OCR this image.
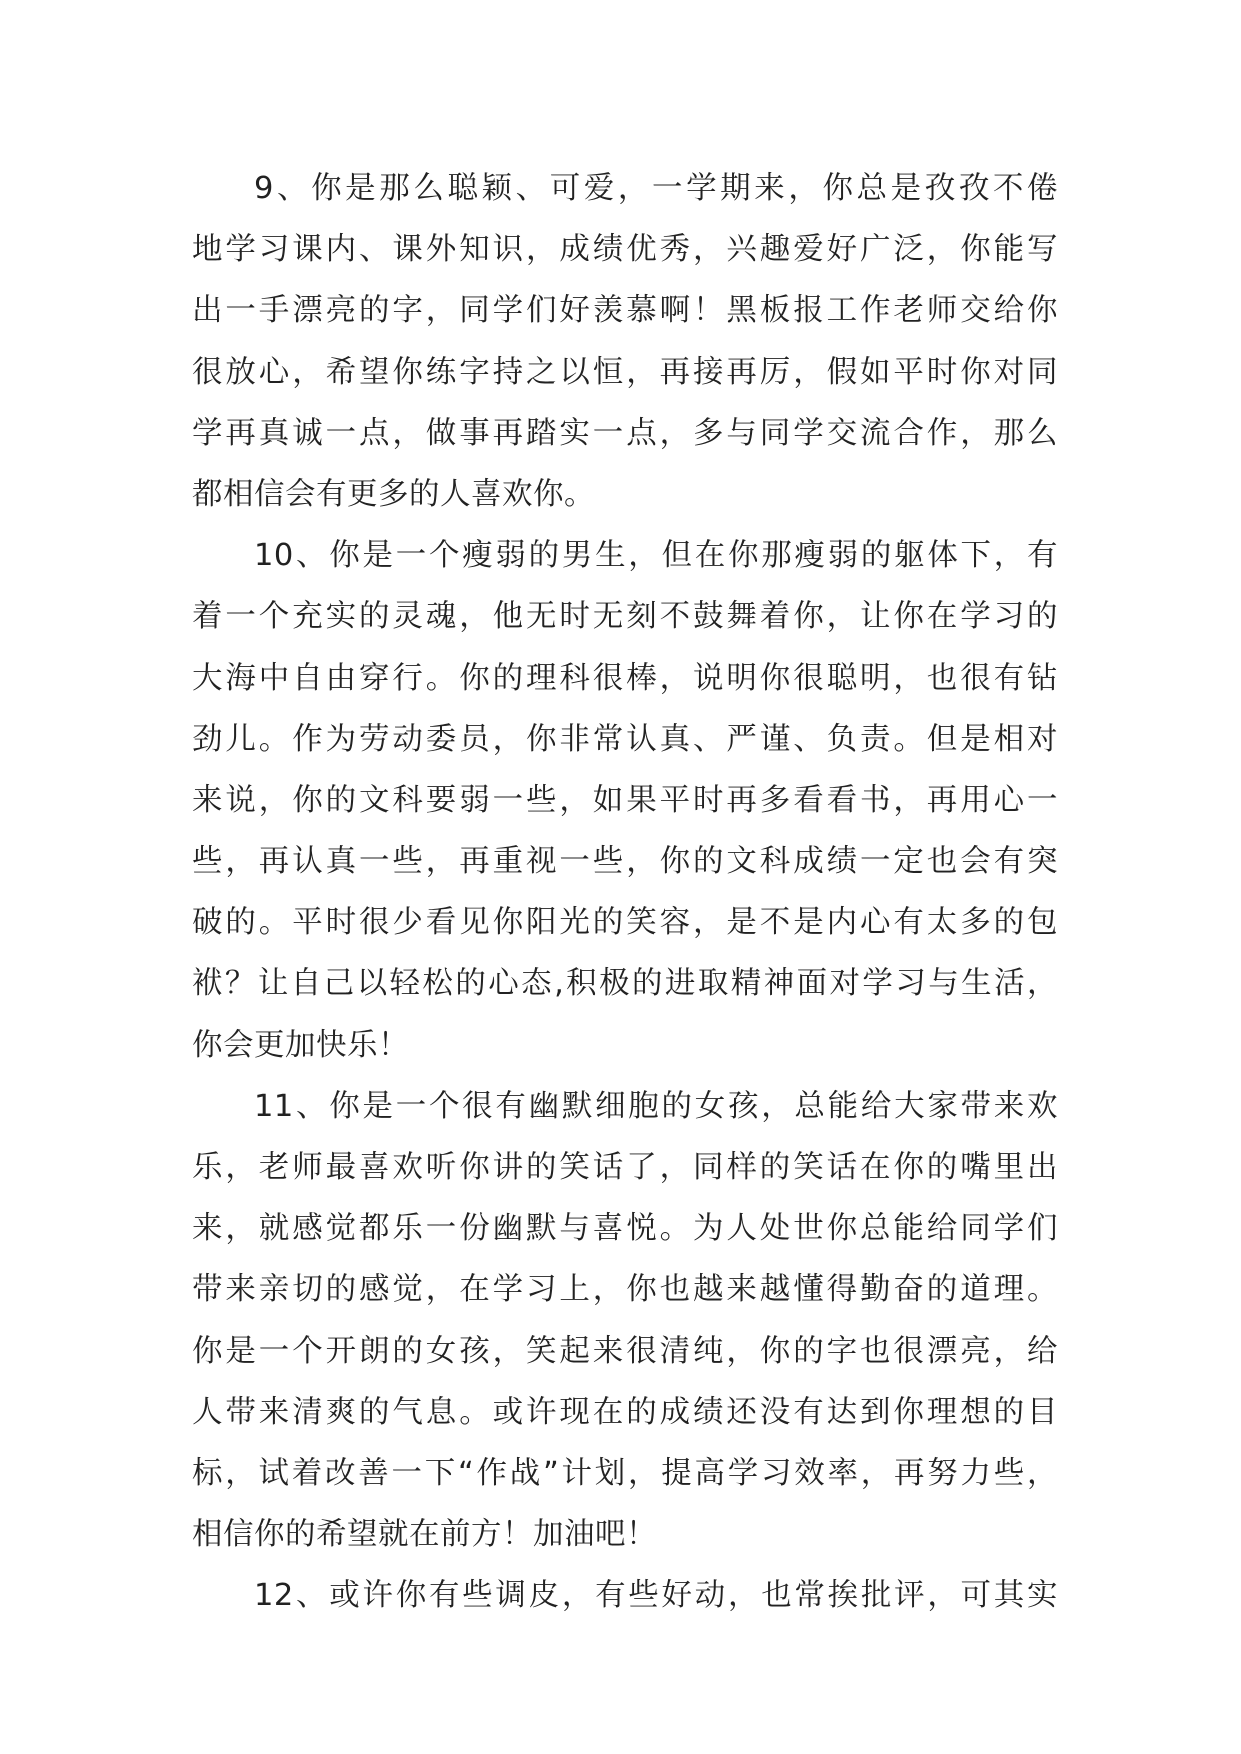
9、你是那么聪颖、可爱，一学期来，你总是孜孜不倦
地学习课内、课外知识，成绩优秀，兴趣爱好广泛，你能写
出一手漂亮的字，同学们好羡慕啊！黑板报工作老师交给你
很放心，希望你练字持之以恒，再接再厉，假如平时你对同
学再真诚一点，做事再踏实一点，多与同学交流合作，那么
都相信会有更多的人喜欢你。
10、你是一个瘦弱的男生，但在你那瘦弱的躯体下，有
着一个充实的灵魂，他无时无刻不鼓舞着你，让你在学习的
大海中自由穿行。你的理科很棒，说明你很聪明，也很有钻
劲儿。作为劳动委员，你非常认真、严谨、负责。但是相对
来说，你的文科要弱一些，如果平时再多看看书，再用心一
些，再认真一些，再重视一些，你的文科成绩一定也会有突
破的。平时很少看见你阳光的笑容，是不是内心有太多的包
袱？让自己以轻松的心态,积极的进取精神面对学习与生活，
你会更加快乐！
11、你是一个很有幽默细胞的女孩，总能给大家带来欢
乐，老师最喜欢听你讲的笑话了，同样的笑话在你的嘴里出
来，就感觉都乐一份幽默与喜悦。为人处世你总能给同学们
带来亲切的感觉，在学习上，你也越来越懂得勤奋的道理。
你是一个开朗的女孩，笑起来很清纯，你的字也很漂亮，给
人带来清爽的气息。或许现在的成绩还没有达到你理想的目
标，试着改善一下“作战”计划，提高学习效率，再努力些，
相信你的希望就在前方！加油吧！
12、或许你有些调皮，有些好动，也常挨批评，可其实
